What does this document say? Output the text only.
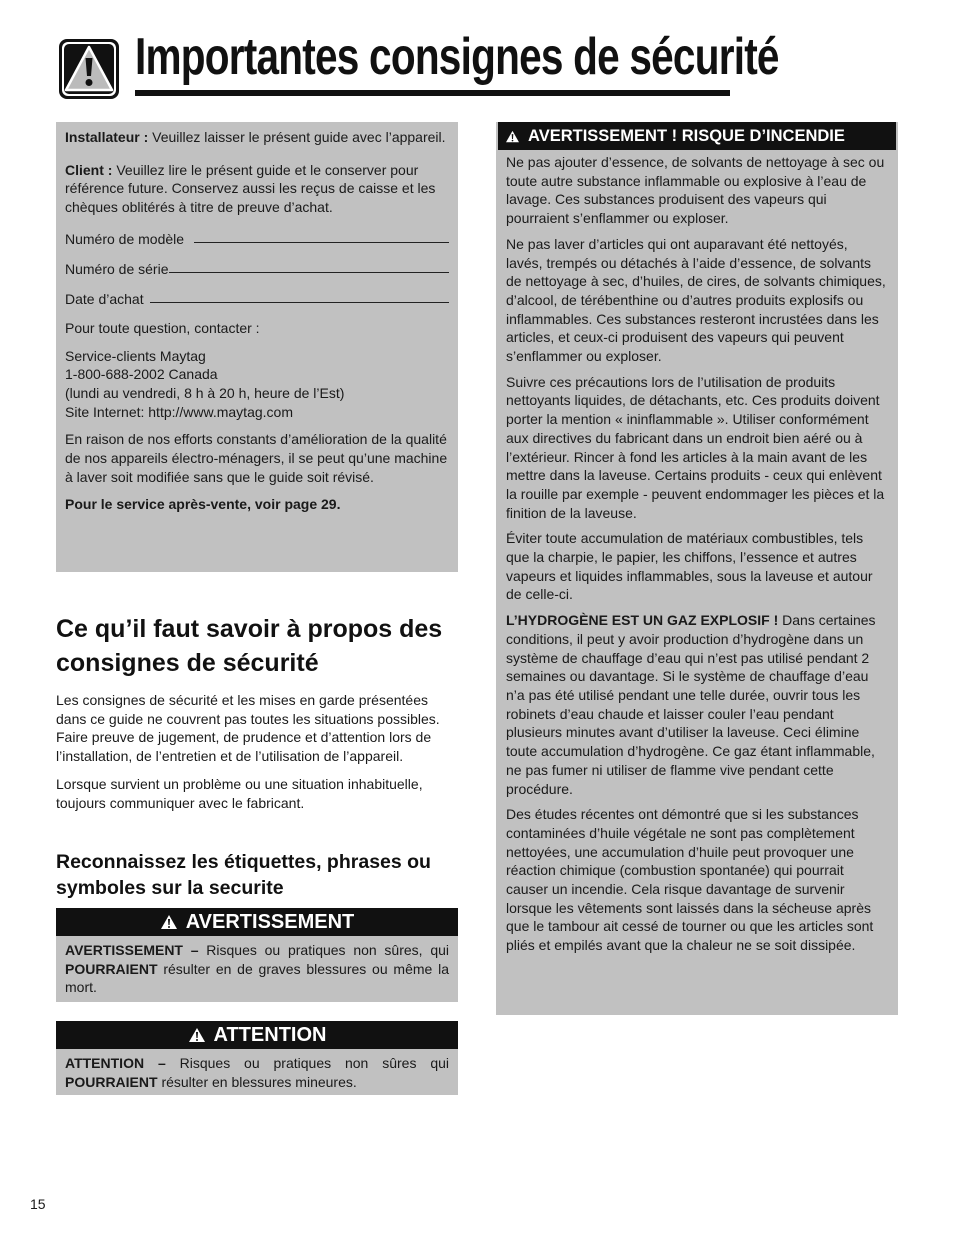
Importantes consignes de sécurité

Installateur : Veuillez laisser le présent guide avec l’appareil.

Client : Veuillez lire le présent guide et le conserver pour référence future. Conservez aussi les reçus de caisse et les chèques oblitérés à titre de preuve d’achat.

Numéro de modèle
Numéro de série
Date d’achat

Pour toute question, contacter :

Service-clients Maytag

1-800-688-2002 Canada

(lundi au vendredi, 8 h à 20 h, heure de l’Est)

Site Internet: http://www.maytag.com

En raison de nos efforts constants d’amélioration de la qualité de nos appareils électro-ménagers, il se peut qu’une machine à laver soit modifiée sans que le guide soit révisé.

Pour le service après-vente, voir page 29.

Ce qu’il faut savoir à propos des consignes de sécurité

Les consignes de sécurité et les mises en garde présentées dans ce guide ne couvrent pas toutes les situations possibles. Faire preuve de jugement, de prudence et d’attention lors de l’installation, de l’entretien et de l’utilisation de l’appareil.

Lorsque survient un problème ou une situation inhabituelle, toujours communiquer avec le fabricant.

Reconnaissez les étiquettes, phrases ou symboles sur la securite
AVERTISSEMENT

AVERTISSEMENT – Risques ou pratiques non sûres, qui POURRAIENT résulter en de graves blessures ou même la mort.

ATTENTION

ATTENTION – Risques ou pratiques non sûres qui POURRAIENT résulter en blessures mineures.

AVERTISSEMENT ! RISQUE D’INCENDIE

Ne pas ajouter d’essence, de solvants de nettoyage à sec ou toute autre substance inflammable ou explosive à l’eau de lavage. Ces substances produisent des vapeurs qui pourraient s’enflammer ou exploser.

Ne pas laver d’articles qui ont auparavant été nettoyés, lavés, trempés ou détachés à l’aide d’essence, de solvants de nettoyage à sec, d’huiles, de cires, de solvants chimiques, d’alcool, de térébenthine ou d’autres produits explosifs ou inflammables. Ces substances resteront incrustées dans les articles, et ceux-ci produisent des vapeurs qui peuvent s’enflammer ou exploser.

Suivre ces précautions lors de l’utilisation de produits nettoyants liquides, de détachants, etc. Ces produits doivent porter la mention « ininflammable ». Utiliser conformément aux directives du fabricant dans un endroit bien aéré ou à l’extérieur. Rincer à fond les articles à la main avant de les mettre dans la laveuse. Certains produits - ceux qui enlèvent la rouille par exemple - peuvent endommager les pièces et la finition de la laveuse.

Éviter toute accumulation de matériaux combustibles, tels que la charpie, le papier, les chiffons, l’essence et autres vapeurs et liquides inflammables, sous la laveuse et autour de celle-ci.

L’HYDROGÈNE EST UN GAZ EXPLOSIF ! Dans certaines conditions, il peut y avoir production d’hydrogène dans un système de chauffage d’eau qui n’est pas utilisé pendant 2 semaines ou davantage. Si le système de chauffage d’eau n’a pas été utilisé pendant une telle durée, ouvrir tous les robinets d’eau chaude et laisser couler l’eau pendant plusieurs minutes avant d’utiliser la laveuse. Ceci élimine toute accumulation d’hydrogène. Ce gaz étant inflammable, ne pas fumer ni utiliser de flamme vive pendant cette procédure.

Des études récentes ont démontré que si les substances contaminées d’huile végétale ne sont pas complètement nettoyées, une accumulation d’huile peut provoquer une réaction chimique (combustion spontanée) qui pourrait causer un incendie. Cela risque davantage de survenir lorsque les vêtements sont laissés dans la sécheuse après que le tambour ait cessé de tourner ou que les articles sont pliés et empilés avant que la chaleur ne se soit dissipée.

15
